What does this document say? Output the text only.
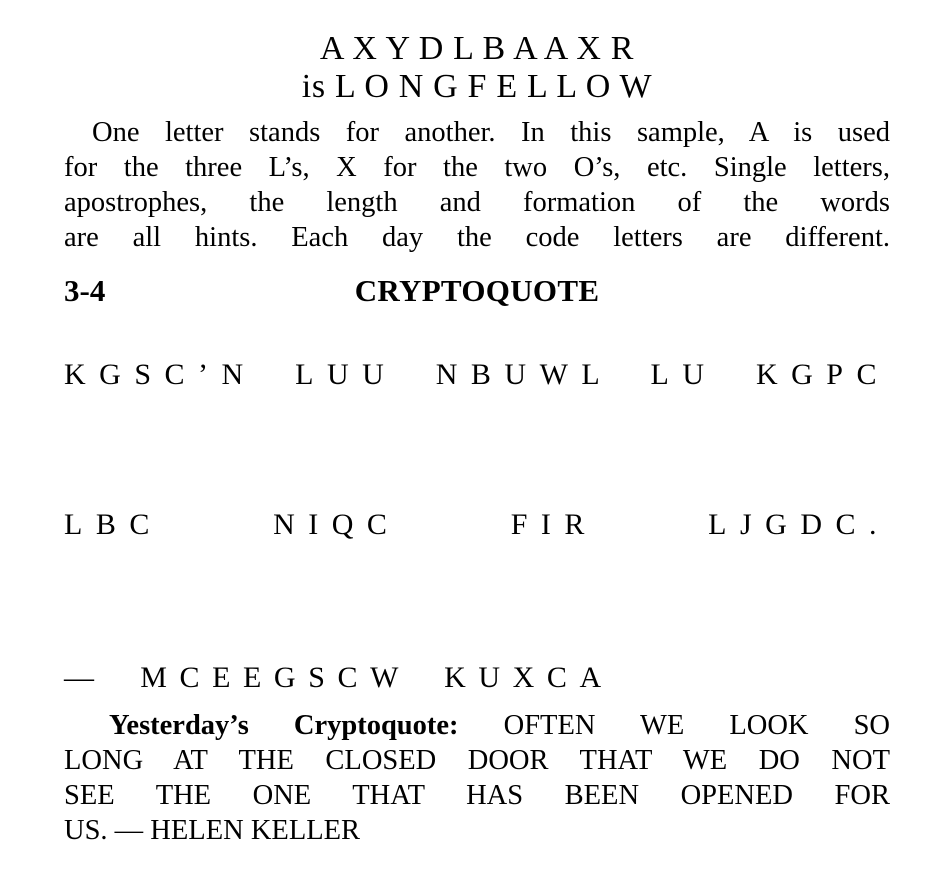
A X Y D L B A A X R
is L O N G F E L L O W
One letter stands for another. In this sample, A is used
for the three L’s, X for the two O’s, etc. Single letters,
apostrophes, the length and formation of the words
are all hints. Each day the code letters are different.
3-4	CRYPTOQUOTE
KGSC’N LUU NBUWL LU KGPC
LBC NIQC FIR LJGDC.
— MCEEGSCW KUXCA
Yesterday’s Cryptoquote: OFTEN WE LOOK SO
LONG AT THE CLOSED DOOR THAT WE DO NOT
SEE THE ONE THAT HAS BEEN OPENED FOR
US. — HELEN KELLER
